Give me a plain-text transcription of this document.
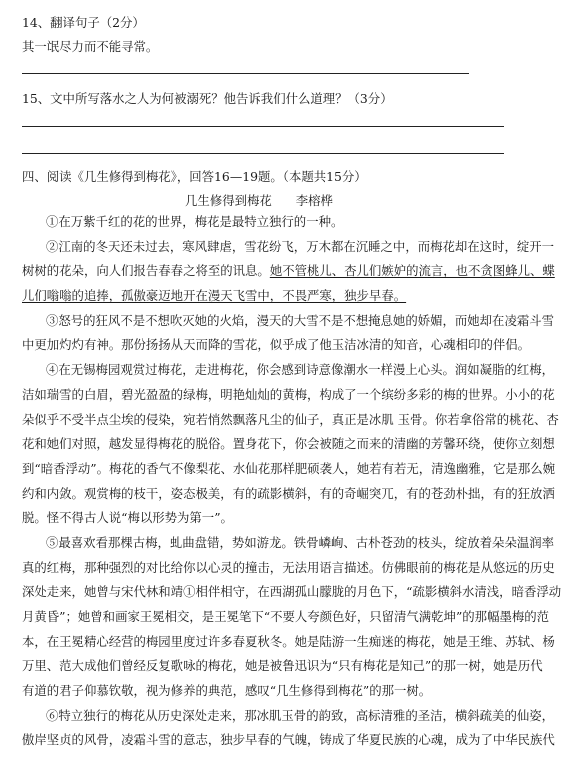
14、翻译句子（2分）
其一氓尽力而不能寻常。
15、文中所写落水之人为何被溺死？他告诉我们什么道理？（3分）
四、阅读《几生修得到梅花》，回答16—19题。（本题共15分）
几生修得到梅花 李榕桦
①在万紫千红的花的世界，梅花是最特立独行的一种。
②江南的冬天还未过去，寒风肆虐，雪花纷飞，万木都在沉睡之中，而梅花却在这时，绽开一
树树的花朵，向人们报告春春之将至的讯息。她不管桃儿、杏儿们嫉妒的流言，也不贪图蜂儿、蝶
儿们嗡嗡的追捧，孤傲豪迈地开在漫天飞雪中，不畏严寒，独步早春。
③怒号的狂风不是不想吹灭她的火焰，漫天的大雪不是不想掩息她的娇媚，而她却在凌霜斗雪
中更加灼灼有神。那份扬扬从天而降的雪花，似乎成了他玉洁冰清的知音，心魂相印的伴侣。
④在无锡梅园观赏过梅花，走进梅花，你会感到诗意像潮水一样漫上心头。润如凝脂的红梅，
洁如瑞雪的白眉，碧光盈盈的绿梅，明艳灿灿的黄梅，构成了一个缤纷多彩的梅的世界。小小的花
朵似乎不受半点尘埃的侵染，宛若悄然飘落凡尘的仙子，真正是冰肌 玉骨。你若拿俗常的桃花、杏
花和她们对照，越发显得梅花的脱俗。置身花下，你会被随之而来的清幽的芳馨环绕，使你立刻想
到“暗香浮动”。梅花的香气不像梨花、水仙花那样肥硕袭人，她若有若无，清逸幽雅，它是那么婉
约和内敛。观赏梅的枝干，姿态极美，有的疏影横斜，有的奇崛突兀，有的苍劲朴拙，有的狂放洒
脱。怪不得古人说“梅以形势为第一”。
⑤最喜欢看那棵古梅，虬曲盘错，势如游龙。铁骨嶙峋、古朴苍劲的枝头，绽放着朵朵温润率
真的红梅，那种强烈的对比给你以心灵的撞击，无法用语言描述。仿佛眼前的梅花是从悠远的历史
深处走来，她曾与宋代林和靖①相伴相守，在西湖孤山朦胧的月色下，“疏影横斜水清浅，暗香浮动
月黄昏”；她曾和画家王冕相交，是王冕笔下“不要人夸颜色好，只留清气满乾坤”的那幅墨梅的范
本，在王冕精心经营的梅园里度过许多春夏秋冬。她是陆游一生痴迷的梅花，她是王维、苏轼、杨
万里、范大成他们曾经反复歌咏的梅花，她是被鲁迅识为“只有梅花是知己”的那一树，她是历代
有道的君子仰慕钦敬，视为修养的典范，感叹“几生修得到梅花”的那一树。
⑥特立独行的梅花从历史深处走来，那冰肌玉骨的韵致，高标清雅的圣洁，横斜疏美的仙姿，
傲岸坚贞的风骨，凌霜斗雪的意志，独步早春的气魄，铸成了华夏民族的心魂，成为了中华民族代
